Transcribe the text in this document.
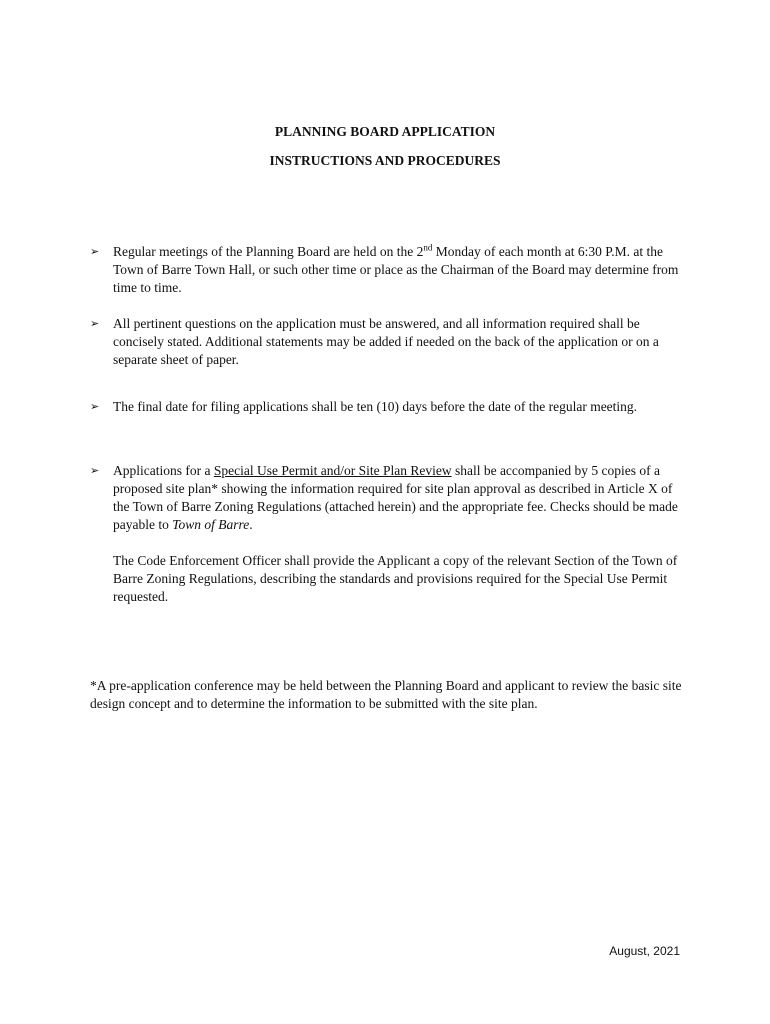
PLANNING BOARD APPLICATION
INSTRUCTIONS AND PROCEDURES
➢ Regular meetings of the Planning Board are held on the 2nd Monday of each month at 6:30 P.M. at the Town of Barre Town Hall, or such other time or place as the Chairman of the Board may determine from time to time.
➢ All pertinent questions on the application must be answered, and all information required shall be concisely stated. Additional statements may be added if needed on the back of the application or on a separate sheet of paper.
➢ The final date for filing applications shall be ten (10) days before the date of the regular meeting.
➢ Applications for a Special Use Permit and/or Site Plan Review shall be accompanied by 5 copies of a proposed site plan* showing the information required for site plan approval as described in Article X of the Town of Barre Zoning Regulations (attached herein) and the appropriate fee. Checks should be made payable to Town of Barre.
The Code Enforcement Officer shall provide the Applicant a copy of the relevant Section of the Town of Barre Zoning Regulations, describing the standards and provisions required for the Special Use Permit requested.
*A pre-application conference may be held between the Planning Board and applicant to review the basic site design concept and to determine the information to be submitted with the site plan.
August, 2021
